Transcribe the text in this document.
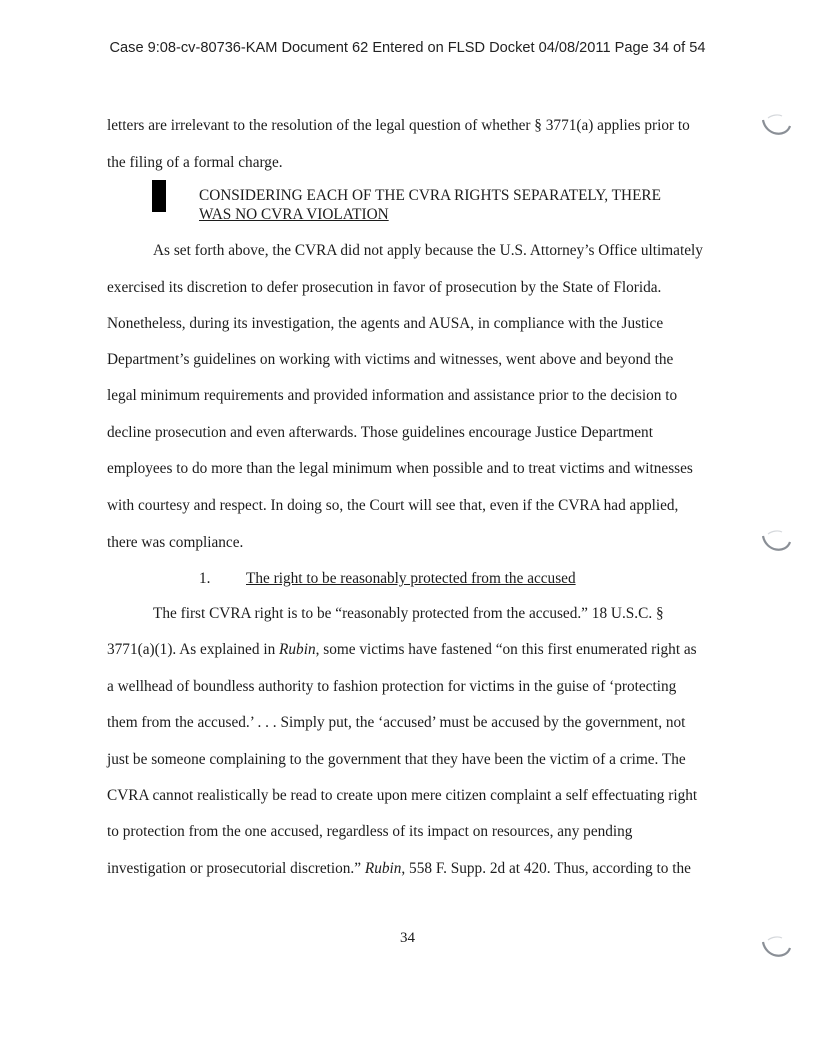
Case 9:08-cv-80736-KAM Document 62 Entered on FLSD Docket 04/08/2011 Page 34 of 54
letters are irrelevant to the resolution of the legal question of whether § 3771(a) applies prior to
the filing of a formal charge.
CONSIDERING EACH OF THE CVRA RIGHTS SEPARATELY, THERE
WAS NO CVRA VIOLATION
As set forth above, the CVRA did not apply because the U.S. Attorney’s Office ultimately
exercised its discretion to defer prosecution in favor of prosecution by the State of Florida.
Nonetheless, during its investigation, the agents and AUSA, in compliance with the Justice
Department’s guidelines on working with victims and witnesses, went above and beyond the
legal minimum requirements and provided information and assistance prior to the decision to
decline prosecution and even afterwards. Those guidelines encourage Justice Department
employees to do more than the legal minimum when possible and to treat victims and witnesses
with courtesy and respect. In doing so, the Court will see that, even if the CVRA had applied,
there was compliance.
1. The right to be reasonably protected from the accused
The first CVRA right is to be “reasonably protected from the accused.” 18 U.S.C. §
3771(a)(1). As explained in Rubin, some victims have fastened “on this first enumerated right as
a wellhead of boundless authority to fashion protection for victims in the guise of ‘protecting
them from the accused.’ . . . Simply put, the ‘accused’ must be accused by the government, not
just be someone complaining to the government that they have been the victim of a crime. The
CVRA cannot realistically be read to create upon mere citizen complaint a self effectuating right
to protection from the one accused, regardless of its impact on resources, any pending
investigation or prosecutorial discretion.” Rubin, 558 F. Supp. 2d at 420. Thus, according to the
34
